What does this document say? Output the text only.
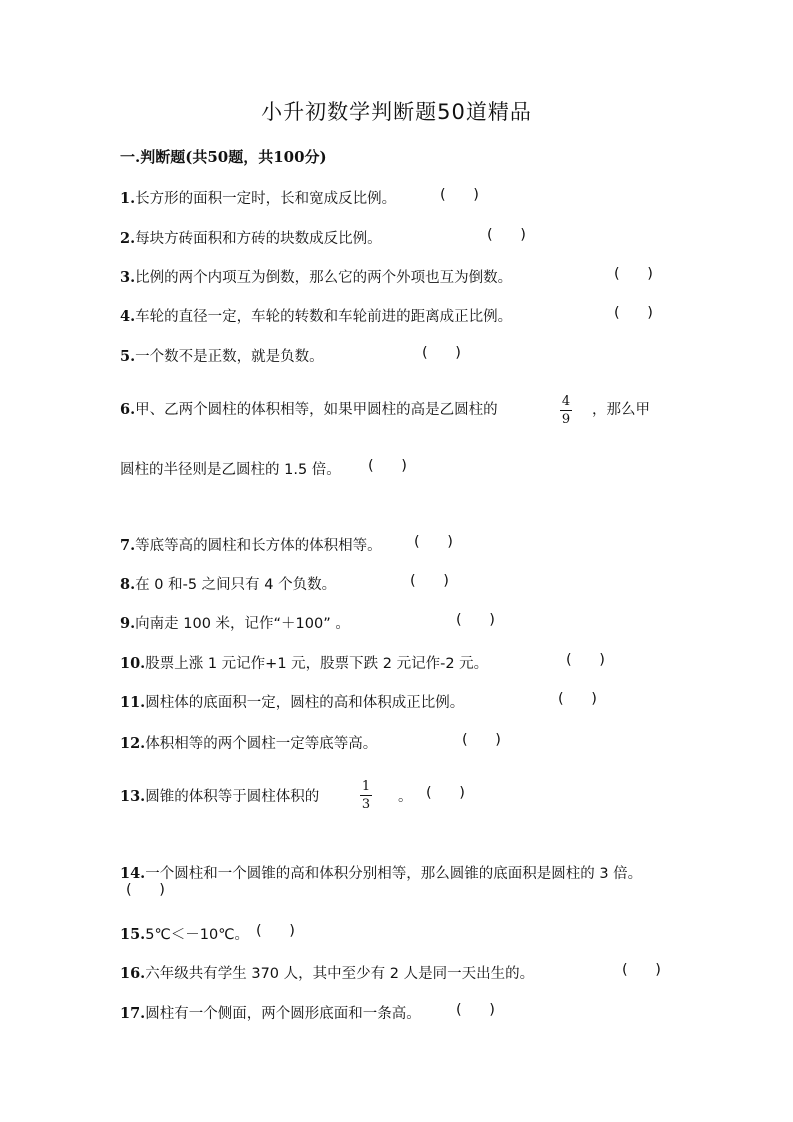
小升初数学判断题50道精品
一.判断题(共50题，共100分)
1.长方形的面积一定时，长和宽成反比例。	(      )
2.每块方砖面积和方砖的块数成反比例。	(      )
3.比例的两个内项互为倒数，那么它的两个外项也互为倒数。	(      )
4.车轮的直径一定，车轮的转数和车轮前进的距离成正比例。	(      )
5.一个数不是正数，就是负数。	(      )
6.甲、乙两个圆柱的体积相等，如果甲圆柱的高是乙圆柱的
4
9
，那么甲
圆柱的半径则是乙圆柱的 1.5 倍。 (      )
7.等底等高的圆柱和长方体的体积相等。 (      )
8.在 0 和-5 之间只有 4 个负数。	(      )
9.向南走 100 米，记作“＋100” 。	(      )
10.股票上涨 1 元记作+1 元，股票下跌 2 元记作-2 元。	(      )
11.圆柱体的底面积一定，圆柱的高和体积成正比例。	(      )
12.体积相等的两个圆柱一定等底等高。	(      )
13.圆锥的体积等于圆柱体积的
1
3 。 (      )
14.一个圆柱和一个圆锥的高和体积分别相等，那么圆锥的底面积是圆柱的 3 倍。
(      )
15.5℃＜－10℃。 (      )
16.六年级共有学生 370 人，其中至少有 2 人是同一天出生的。	(      )
17.圆柱有一个侧面，两个圆形底面和一条高。 (      )
